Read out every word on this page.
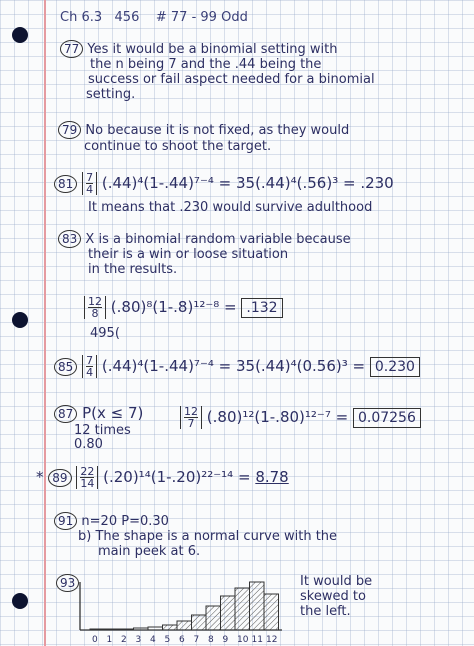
Ch 6.3 456 # 77 - 99 Odd
77 Yes it would be a binomial setting with
the n being 7 and the .44 being the
success or fail aspect needed for a binomial
setting.
79 No because it is not fixed, as they would
continue to shoot the target.
$81 \frac{7}{4} (.44)^4(1-.44)^{7-4} = 35(.44)^4(.56)^3 = .230$
It means that .230 would survive adulthood
83 X is a binomial random variable because
their is a win or loose situation
in the results.
$\frac{12}{8} (.80)^8(1-.8)^{12-8} = .132$
495(
$85 \frac{7}{4} (.44)^4(1-.44)^{7-4} = 35(.44)^4(0.56)^3 = 0.230$
87 P(x ≤ 7)
12 times
0.80
$\frac{12}{7} (.80)^{12}(1-.80)^{12-7} = 0.07256$
* $89 \frac{22}{14} (.20)^{14}(1-.20)^{22-14} = 8.78$
91 n=20 P=0.30
b) The shape is a normal curve with the
main peek at 6.
93
0 1 2 3 4 5 6 7 8 9 10 11 12
It would be
skewed to
the left.
